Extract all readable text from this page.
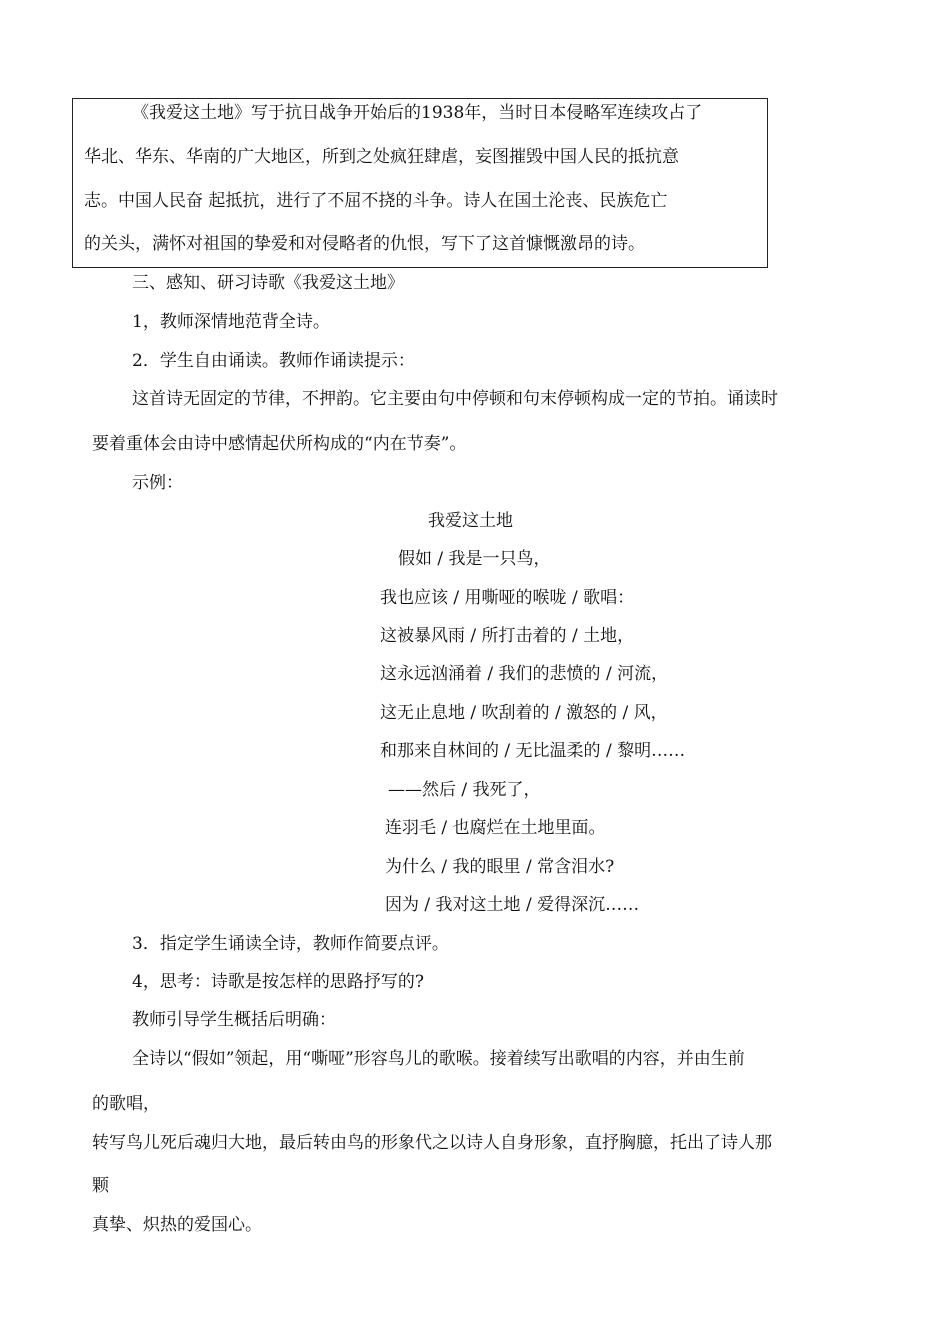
《我爱这土地》写于抗日战争开始后的1938年，当时日本侵略军连续攻占了
华北、华东、华南的广大地区，所到之处疯狂肆虐，妄图摧毁中国人民的抵抗意
志。中国人民奋 起抵抗，进行了不屈不挠的斗争。诗人在国土沦丧、民族危亡
的关头，满怀对祖国的挚爱和对侵略者的仇恨，写下了这首慷慨激昂的诗。
三、感知、研习诗歌《我爱这土地》
1，教师深情地范背全诗。
2．学生自由诵读。教师作诵读提示：
这首诗无固定的节律，不押韵。它主要由句中停顿和句末停顿构成一定的节拍。诵读时
要着重体会由诗中感情起伏所构成的“内在节奏”。
示例：
我爱这土地
假如 / 我是一只鸟，
我也应该 / 用嘶哑的喉咙 / 歌唱：
这被暴风雨 / 所打击着的 / 土地，
这永远汹涌着 / 我们的悲愤的 / 河流，
这无止息地 / 吹刮着的 / 激怒的 / 风，
和那来自林间的 / 无比温柔的 / 黎明……
——然后 / 我死了，
连羽毛 / 也腐烂在土地里面。
为什么 / 我的眼里 / 常含泪水?
因为 / 我对这土地 / 爱得深沉……
3．指定学生诵读全诗，教师作简要点评。
4，思考：诗歌是按怎样的思路抒写的?
教师引导学生概括后明确：
全诗以“假如”领起，用“嘶哑”形容鸟儿的歌喉。接着续写出歌唱的内容，并由生前
的歌唱，
转写鸟儿死后魂归大地，最后转由鸟的形象代之以诗人自身形象，直抒胸臆，托出了诗人那
颗
真挚、炽热的爱国心。
